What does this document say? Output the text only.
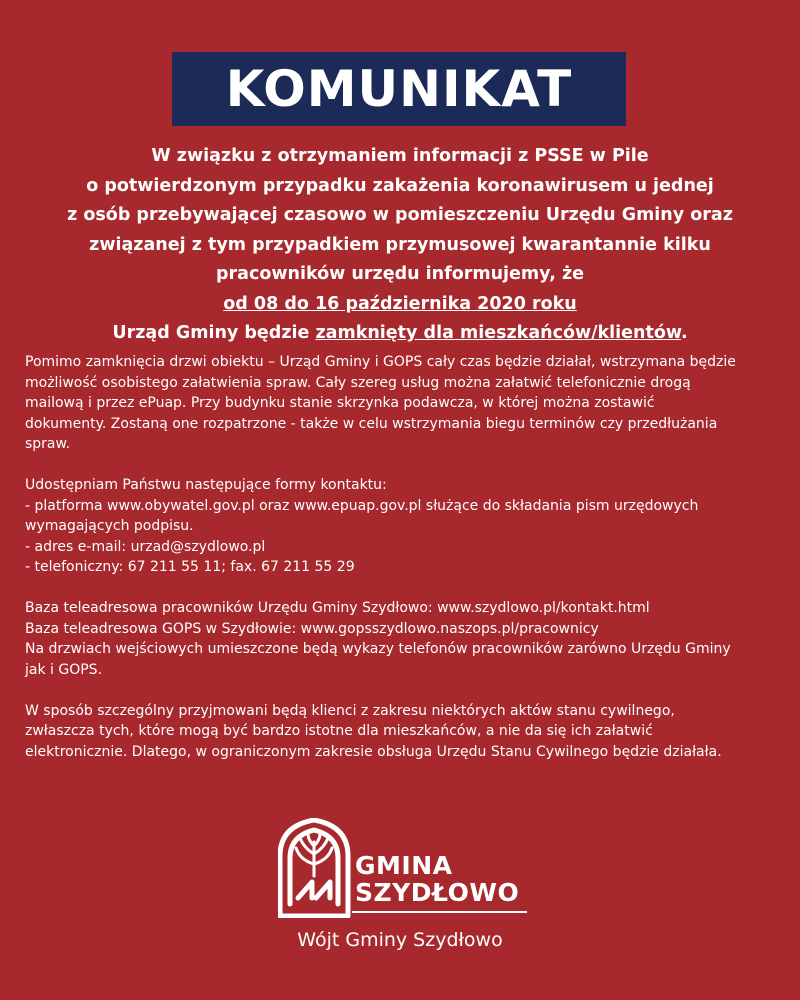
KOMUNIKAT
W związku z otrzymaniem informacji z PSSE w Pile
o potwierdzonym przypadku zakażenia koronawirusem u jednej
z osób przebywającej czasowo w pomieszczeniu Urzędu Gminy oraz
związanej z tym przypadkiem przymusowej kwarantannie kilku
pracowników urzędu informujemy, że
od 08 do 16 października 2020 roku
Urząd Gminy będzie zamknięty dla mieszkańców/klientów.
Pomimo zamknięcia drzwi obiektu – Urząd Gminy i GOPS cały czas będzie działał, wstrzymana będzie
możliwość osobistego załatwienia spraw. Cały szereg usług można załatwić telefonicznie drogą
mailową i przez ePuap. Przy budynku stanie skrzynka podawcza, w której można zostawić
dokumenty. Zostaną one rozpatrzone - także w celu wstrzymania biegu terminów czy przedłużania
spraw.
Udostępniam Państwu następujące formy kontaktu:
- platforma www.obywatel.gov.pl oraz www.epuap.gov.pl służące do składania pism urzędowych
wymagających podpisu.
- adres e-mail: urzad@szydlowo.pl
- telefoniczny: 67 211 55 11; fax. 67 211 55 29
Baza teleadresowa pracowników Urzędu Gminy Szydłowo: www.szydlowo.pl/kontakt.html
Baza teleadresowa GOPS w Szydłowie: www.gopsszydlowo.naszops.pl/pracownicy
Na drzwiach wejściowych umieszczone będą wykazy telefonów pracowników zarówno Urzędu Gminy
jak i GOPS.
W sposób szczególny przyjmowani będą klienci z zakresu niektórych aktów stanu cywilnego,
zwłaszcza tych, które mogą być bardzo istotne dla mieszkańców, a nie da się ich załatwić
elektronicznie. Dlatego, w ograniczonym zakresie obsługa Urzędu Stanu Cywilnego będzie działała.
GMINA
SZYDŁOWO
Wójt Gminy Szydłowo
